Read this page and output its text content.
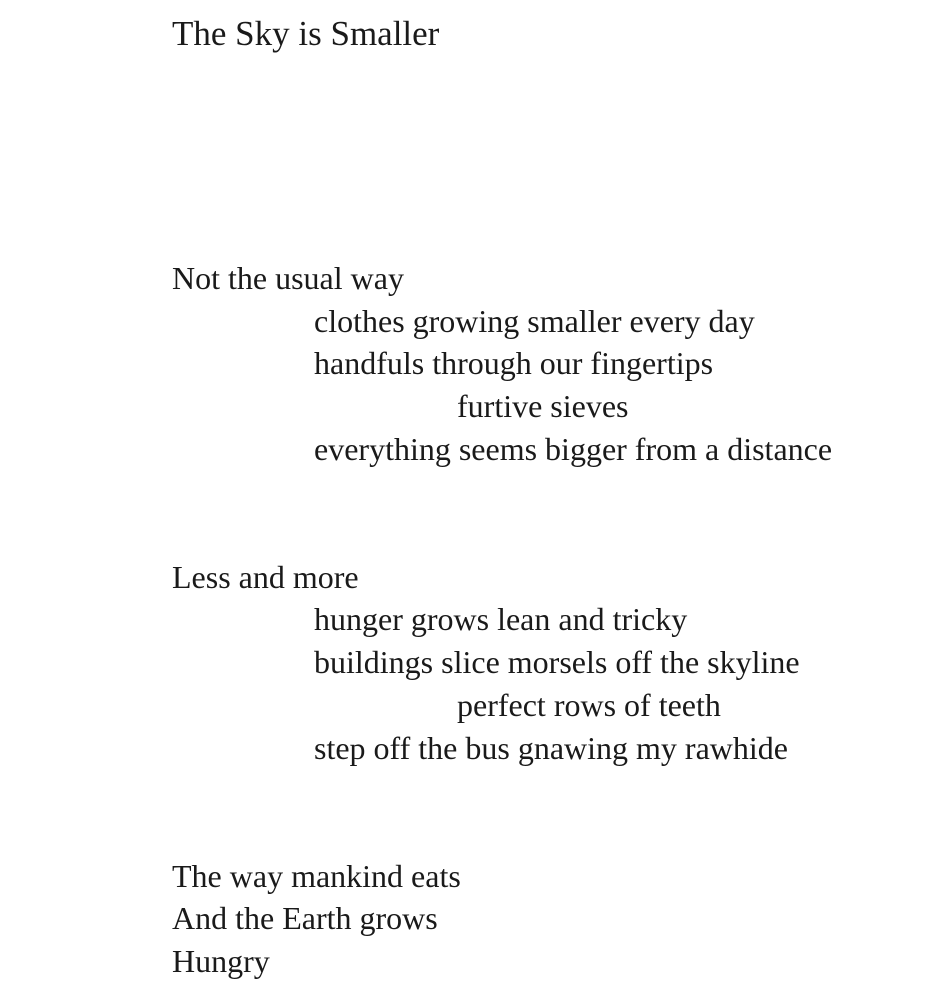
The Sky is Smaller
Not the usual way
clothes growing smaller every day
handfuls through our fingertips
furtive sieves
everything seems bigger from a distance
Less and more
hunger grows lean and tricky
buildings slice morsels off the skyline
perfect rows of teeth
step off the bus gnawing my rawhide
The way mankind eats
And the Earth grows
Hungry
